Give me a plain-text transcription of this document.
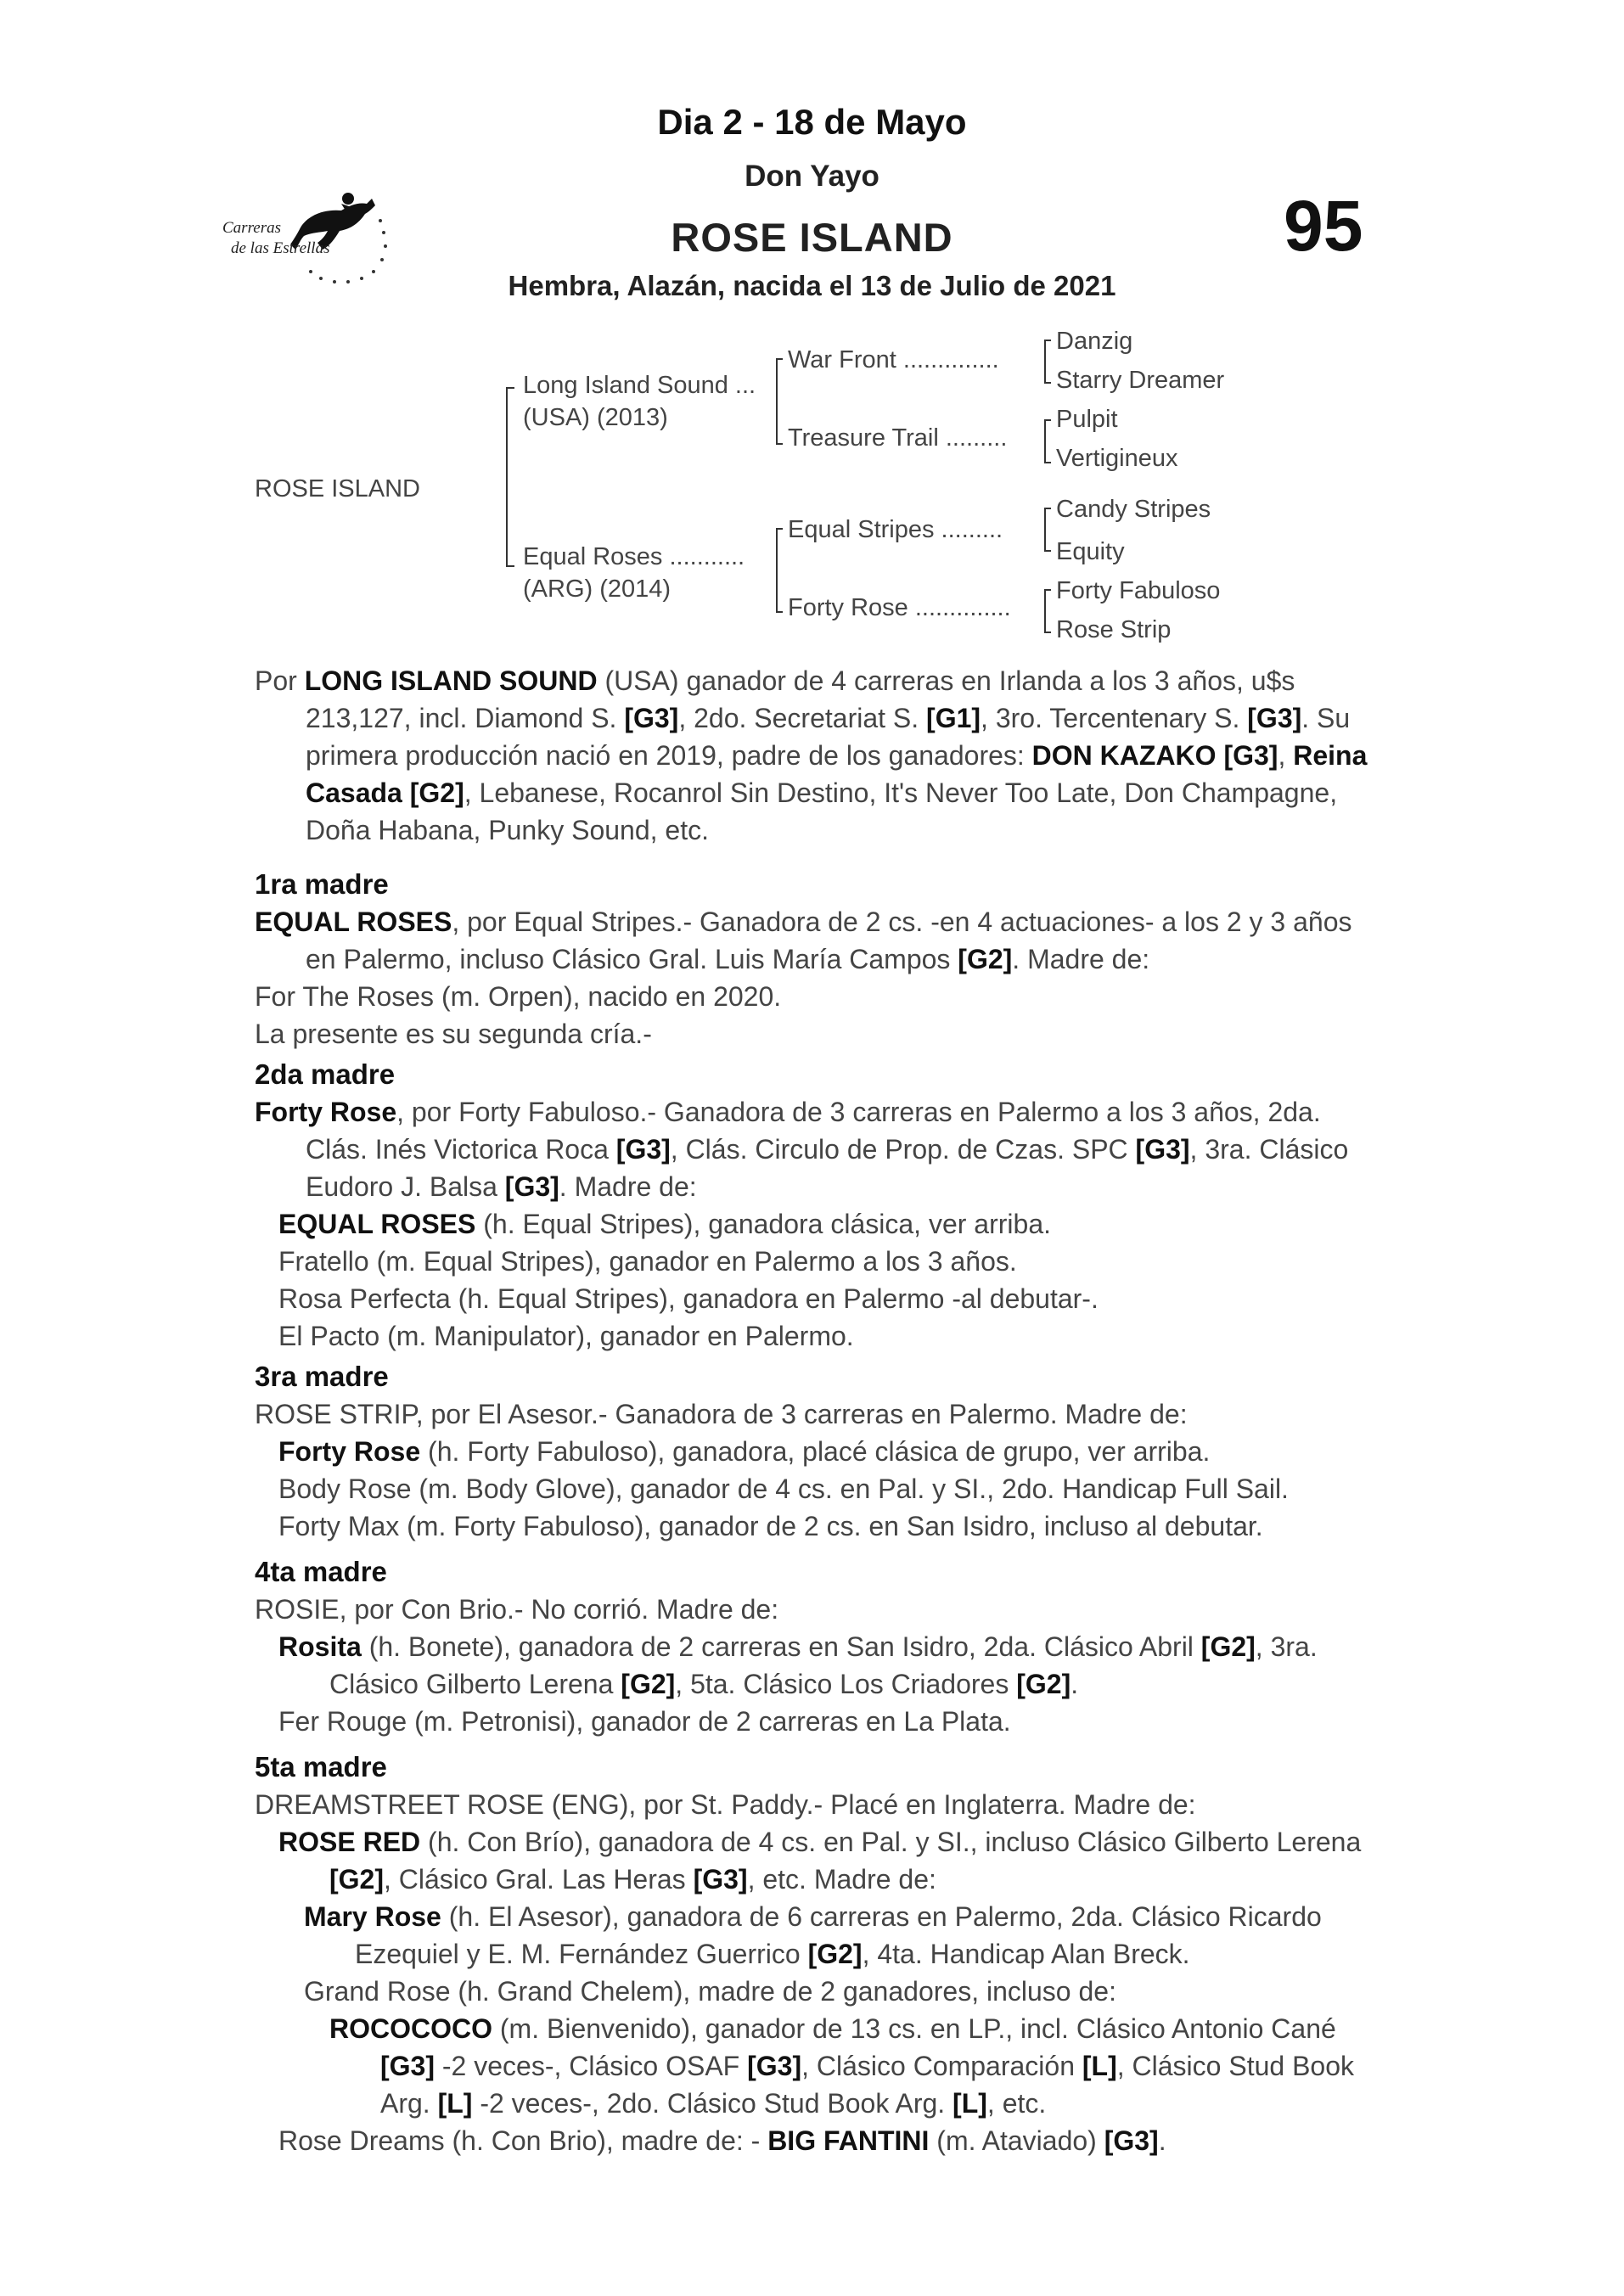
Dia 2 - 18 de Mayo
Don Yayo
ROSE ISLAND
Hembra, Alazán, nacida el 13 de Julio de 2021
95
Carreras
de las Estrellas
ROSE ISLAND
Long Island Sound ...
(USA) (2013)
Equal Roses ...........
(ARG) (2014)
War Front ..............
Treasure Trail .........
Equal Stripes .........
Forty Rose ..............
Danzig
Starry Dreamer
Pulpit
Vertigineux
Candy Stripes
Equity
Forty Fabuloso
Rose Strip

Por LONG ISLAND SOUND (USA) ganador de 4 carreras en Irlanda a los 3 años, u$s 213,127, incl. Diamond S. [G3], 2do. Secretariat S. [G1], 3ro. Tercentenary S. [G3]. Su primera producción nació en 2019, padre de los ganadores: DON KAZAKO [G3], Reina Casada [G2], Lebanese, Rocanrol Sin Destino, It's Never Too Late, Don Champagne, Doña Habana, Punky Sound, etc.

1ra madre

EQUAL ROSES, por Equal Stripes.- Ganadora de 2 cs. -en 4 actuaciones- a los 2 y 3 años en Palermo, incluso Clásico Gral. Luis María Campos [G2]. Madre de:

For The Roses (m. Orpen), nacido en 2020.

La presente es su segunda cría.-

2da madre

Forty Rose, por Forty Fabuloso.- Ganadora de 3 carreras en Palermo a los 3 años, 2da. Clás. Inés Victorica Roca [G3], Clás. Circulo de Prop. de Czas. SPC [G3], 3ra. Clásico Eudoro J. Balsa [G3]. Madre de:

EQUAL ROSES (h. Equal Stripes), ganadora clásica, ver arriba.

Fratello (m. Equal Stripes), ganador en Palermo a los 3 años.

Rosa Perfecta (h. Equal Stripes), ganadora en Palermo -al debutar-.

El Pacto (m. Manipulator), ganador en Palermo.

3ra madre

ROSE STRIP, por El Asesor.- Ganadora de 3 carreras en Palermo. Madre de:

Forty Rose (h. Forty Fabuloso), ganadora, placé clásica de grupo, ver arriba.

Body Rose (m. Body Glove), ganador de 4 cs. en Pal. y SI., 2do. Handicap Full Sail.

Forty Max (m. Forty Fabuloso), ganador de 2 cs. en San Isidro, incluso al debutar.

4ta madre

ROSIE, por Con Brio.- No corrió. Madre de:

Rosita (h. Bonete), ganadora de 2 carreras en San Isidro, 2da. Clásico Abril [G2], 3ra. Clásico Gilberto Lerena [G2], 5ta. Clásico Los Criadores [G2].

Fer Rouge (m. Petronisi), ganador de 2 carreras en La Plata.

5ta madre

DREAMSTREET ROSE (ENG), por St. Paddy.- Placé en Inglaterra. Madre de:

ROSE RED (h. Con Brío), ganadora de 4 cs. en Pal. y SI., incluso Clásico Gilberto Lerena [G2], Clásico Gral. Las Heras [G3], etc. Madre de:

Mary Rose (h. El Asesor), ganadora de 6 carreras en Palermo, 2da. Clásico Ricardo Ezequiel y E. M. Fernández Guerrico [G2], 4ta. Handicap Alan Breck.

Grand Rose (h. Grand Chelem), madre de 2 ganadores, incluso de:

ROCOCOCO (m. Bienvenido), ganador de 13 cs. en LP., incl. Clásico Antonio Cané [G3] -2 veces-, Clásico OSAF [G3], Clásico Comparación [L], Clásico Stud Book Arg. [L] -2 veces-, 2do. Clásico Stud Book Arg. [L], etc.

Rose Dreams (h. Con Brio), madre de: - BIG FANTINI (m. Ataviado) [G3].
